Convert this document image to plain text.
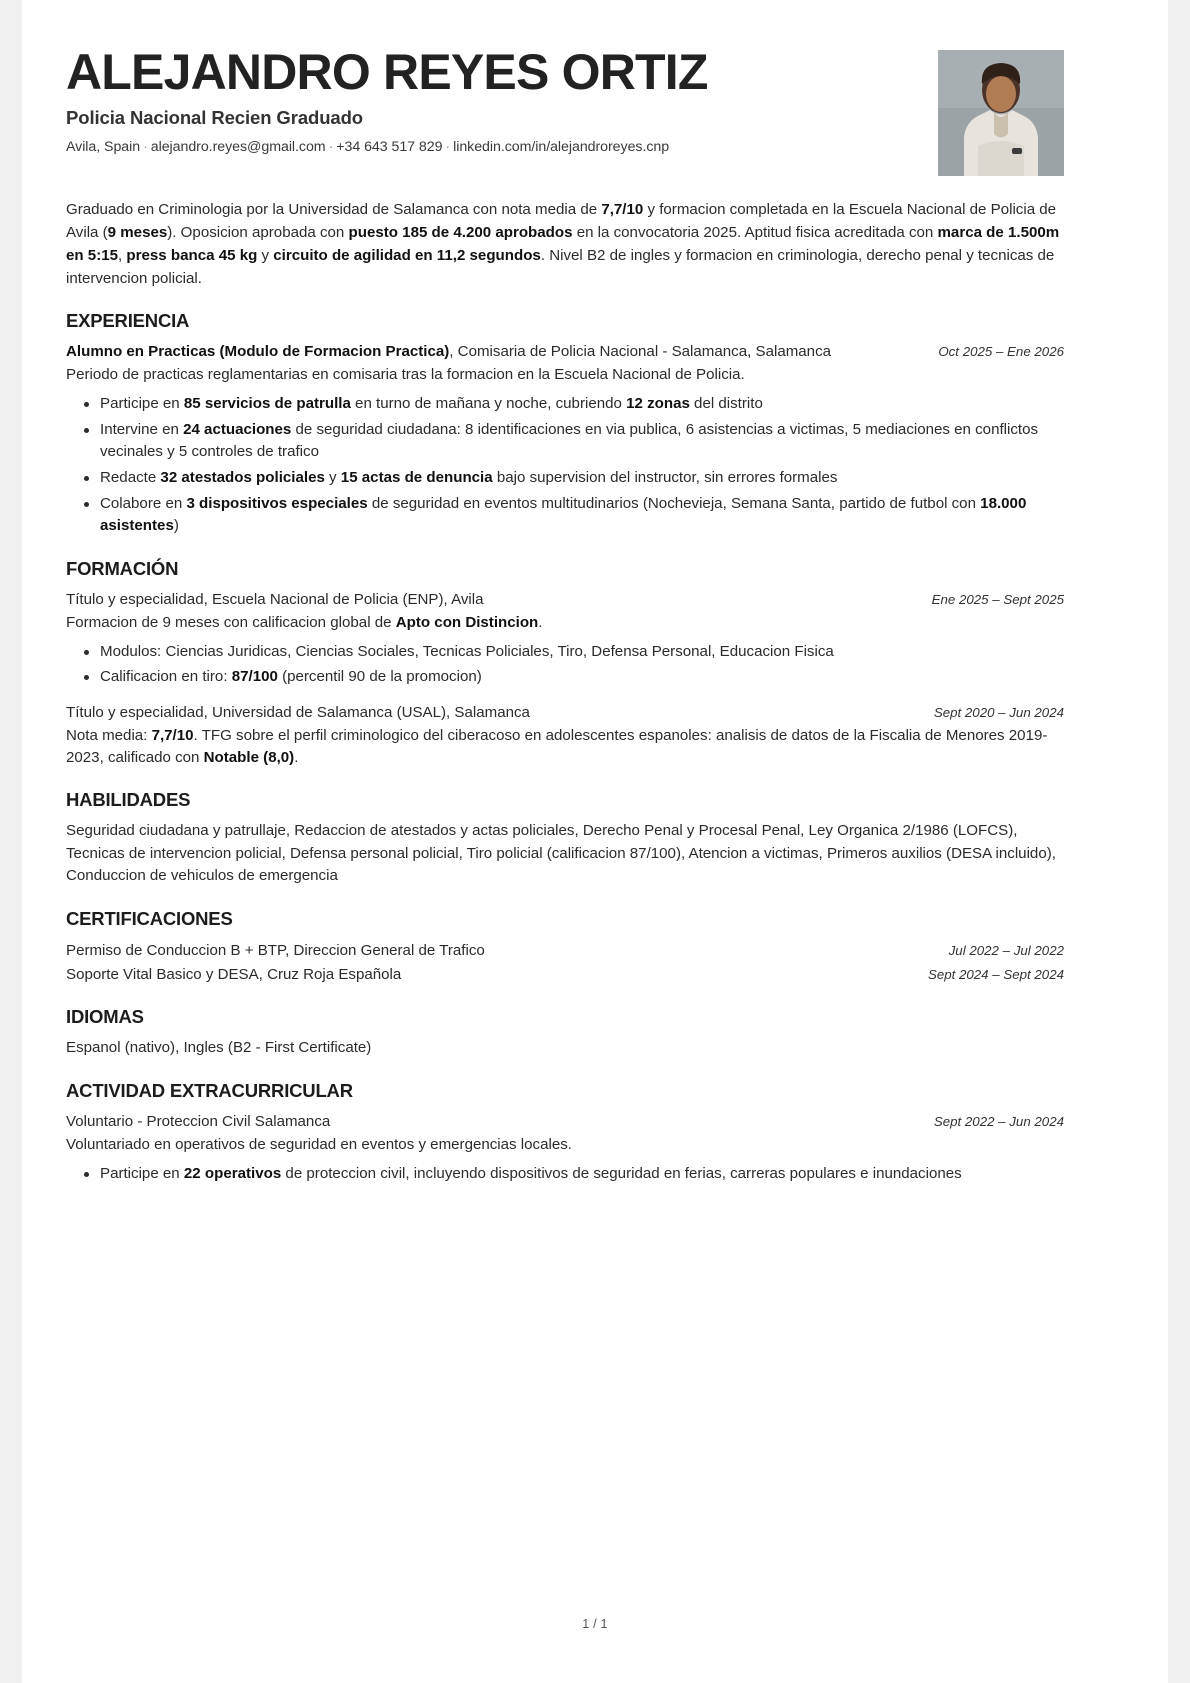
ALEJANDRO REYES ORTIZ
Policia Nacional Recien Graduado
Avila, Spain · alejandro.reyes@gmail.com · +34 643 517 829 · linkedin.com/in/alejandroreyes.cnp
Graduado en Criminologia por la Universidad de Salamanca con nota media de 7,7/10 y formacion completada en la Escuela Nacional de Policia de Avila (9 meses). Oposicion aprobada con puesto 185 de 4.200 aprobados en la convocatoria 2025. Aptitud fisica acreditada con marca de 1.500m en 5:15, press banca 45 kg y circuito de agilidad en 11,2 segundos. Nivel B2 de ingles y formacion en criminologia, derecho penal y tecnicas de intervencion policial.
EXPERIENCIA
Alumno en Practicas (Modulo de Formacion Practica), Comisaria de Policia Nacional - Salamanca, Salamanca	Oct 2025 – Ene 2026
Periodo de practicas reglamentarias en comisaria tras la formacion en la Escuela Nacional de Policia.
Participe en 85 servicios de patrulla en turno de mañana y noche, cubriendo 12 zonas del distrito
Intervine en 24 actuaciones de seguridad ciudadana: 8 identificaciones en via publica, 6 asistencias a victimas, 5 mediaciones en conflictos vecinales y 5 controles de trafico
Redacte 32 atestados policiales y 15 actas de denuncia bajo supervision del instructor, sin errores formales
Colabore en 3 dispositivos especiales de seguridad en eventos multitudinarios (Nochevieja, Semana Santa, partido de futbol con 18.000 asistentes)
FORMACIÓN
Título y especialidad, Escuela Nacional de Policia (ENP), Avila	Ene 2025 – Sept 2025
Formacion de 9 meses con calificacion global de Apto con Distincion.
Modulos: Ciencias Juridicas, Ciencias Sociales, Tecnicas Policiales, Tiro, Defensa Personal, Educacion Fisica
Calificacion en tiro: 87/100 (percentil 90 de la promocion)
Título y especialidad, Universidad de Salamanca (USAL), Salamanca	Sept 2020 – Jun 2024
Nota media: 7,7/10. TFG sobre el perfil criminologico del ciberacoso en adolescentes espanoles: analisis de datos de la Fiscalia de Menores 2019-2023, calificado con Notable (8,0).
HABILIDADES
Seguridad ciudadana y patrullaje, Redaccion de atestados y actas policiales, Derecho Penal y Procesal Penal, Ley Organica 2/1986 (LOFCS), Tecnicas de intervencion policial, Defensa personal policial, Tiro policial (calificacion 87/100), Atencion a victimas, Primeros auxilios (DESA incluido), Conduccion de vehiculos de emergencia
CERTIFICACIONES
Permiso de Conduccion B + BTP, Direccion General de Trafico	Jul 2022 – Jul 2022
Soporte Vital Basico y DESA, Cruz Roja Española	Sept 2024 – Sept 2024
IDIOMAS
Espanol (nativo), Ingles (B2 - First Certificate)
ACTIVIDAD EXTRACURRICULAR
Voluntario - Proteccion Civil Salamanca	Sept 2022 – Jun 2024
Voluntariado en operativos de seguridad en eventos y emergencias locales.
Participe en 22 operativos de proteccion civil, incluyendo dispositivos de seguridad en ferias, carreras populares e inundaciones
1 / 1
